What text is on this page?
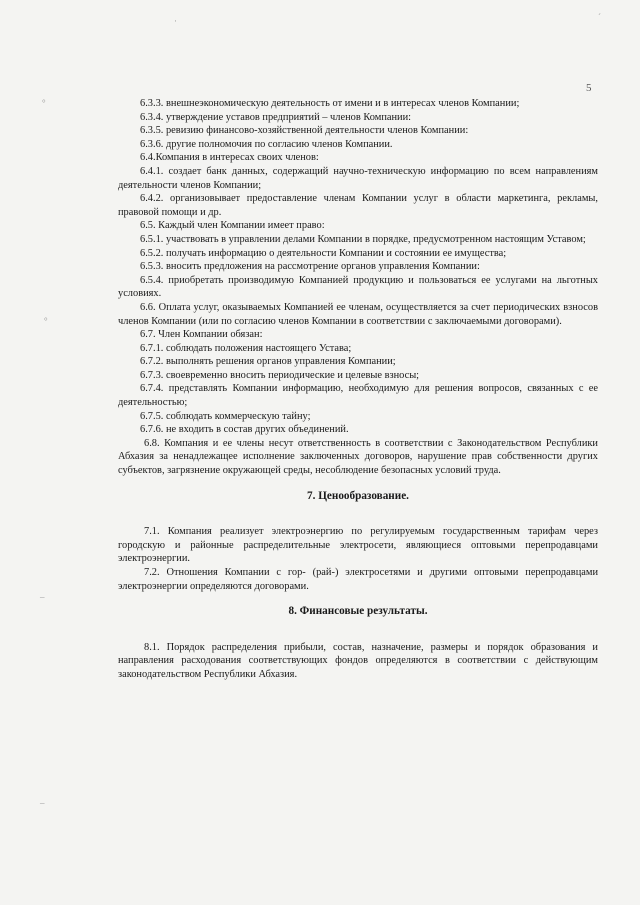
5
·	´
°
°
–
–

6.3.3. внешнеэкономическую деятельность от имени и в интересах членов Компании;

6.3.4. утверждение уставов предприятий – членов Компании:

6.3.5. ревизию финансово-хозяйственной деятельности членов Компании:

6.3.6. другие полномочия по согласию членов Компании.

6.4.Компания в интересах своих членов:

6.4.1. создает банк данных, содержащий научно-техническую информацию по всем направлениям деятельности членов Компании;

6.4.2. организовывает предоставление членам Компании услуг в области маркетинга, рекламы, правовой помощи и др.

6.5. Каждый член Компании имеет право:

6.5.1. участвовать в управлении делами Компании в порядке, предусмотренном настоящим Уставом;

6.5.2. получать информацию о деятельности Компании и состоянии ее имущества;

6.5.3. вносить предложения на рассмотрение органов управления Компании:

6.5.4. приобретать производимую Компанией продукцию и пользоваться ее услугами на льготных условиях.

6.6. Оплата услуг, оказываемых Компанией ее членам, осуществляется за счет периодических взносов членов Компании (или по согласию членов Компании в соответствии с заключаемыми договорами).

6.7. Член Компании обязан:

6.7.1. соблюдать положения настоящего Устава;

6.7.2. выполнять решения органов управления Компании;

6.7.3. своевременно вносить периодические и целевые взносы;

6.7.4. представлять Компании информацию, необходимую для решения вопросов, связанных с ее деятельностью;

6.7.5. соблюдать коммерческую тайну;

6.7.6. не входить в состав других объединений.

6.8. Компания и ее члены несут ответственность в соответствии с Законодательством Республики Абхазия за ненадлежащее исполнение заключенных договоров, нарушение прав собственности других субъектов, загрязнение окружающей среды, несоблюдение безопасных условий труда.

7. Ценообразование.

7.1. Компания реализует электроэнергию по регулируемым государственным тарифам через городскую и районные распределительные электросети, являющиеся оптовыми перепродавцами электроэнергии.

7.2. Отношения Компании с гор- (рай-) электросетями и другими оптовыми перепродавцами электроэнергии определяются договорами.

8. Финансовые результаты.

8.1. Порядок распределения прибыли, состав, назначение, размеры и порядок образования и направления расходования соответствующих фондов определяются в соответствии с действующим законодательством Республики Абхазия.
